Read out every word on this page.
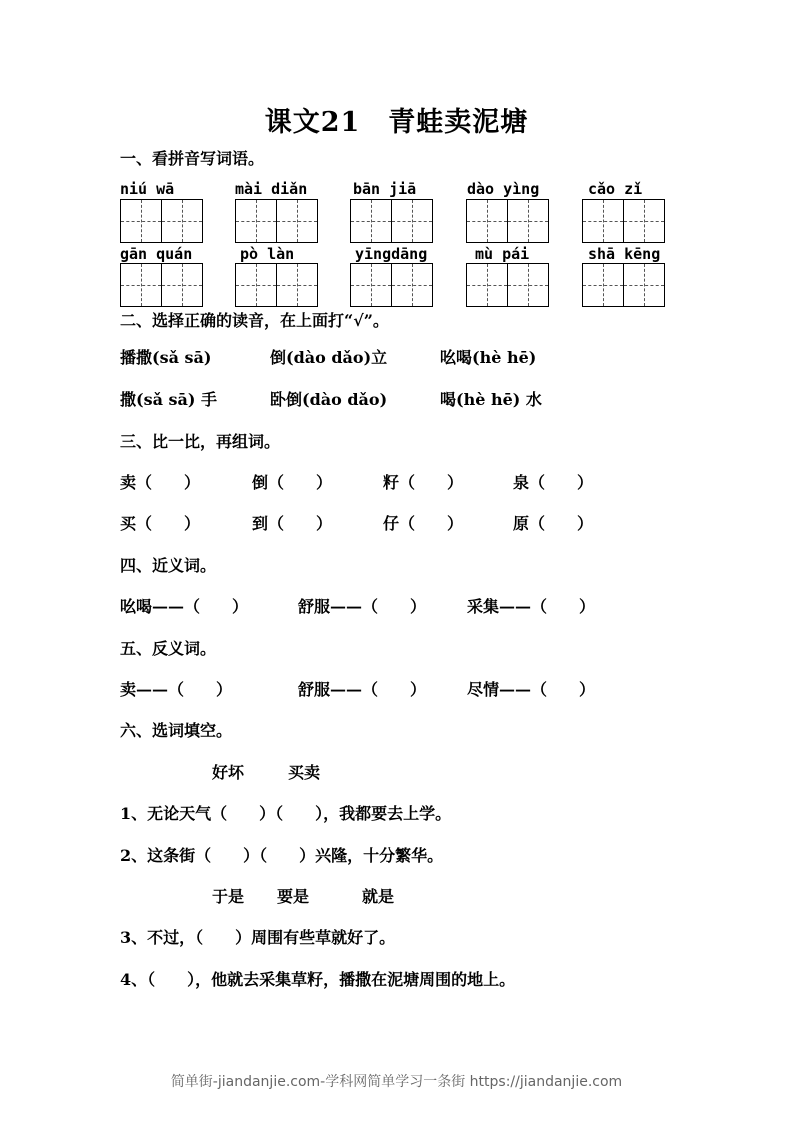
课文21　青蛙卖泥塘
一、看拼音写词语。
niú wā	mài diǎn	bān jiā	dào yìng	cǎo zǐ
gān quán	pò làn	yīngdāng	mù pái	shā kēng
二、选择正确的读音，在上面打“√”。
播撒(sǎ sā)	倒(dào dǎo)立	吆喝(hè hē)
撒(sǎ sā) 手	卧倒(dào dǎo)	喝(hè hē) 水
三、比一比，再组词。
卖（　　）	倒（　　）	籽（　　）	泉（　　）
买（　　）	到（　　）	仔（　　）	原（　　）
四、近义词。
吆喝——（　　）	舒服——（　　）	采集——（　　）
五、反义词。
卖——（　　）	舒服——（　　）	尽情——（　　）
六、选词填空。
好坏	买卖
1、无论天气（　　）（　　），我都要去上学。
2、这条街（　　）（　　）兴隆，十分繁华。
于是 要是	就是
3、不过，（　　）周围有些草就好了。
4、（　　），他就去采集草籽，播撒在泥塘周围的地上。
简单街-jiandanjie.com-学科网简单学习一条街 https://jiandanjie.com
